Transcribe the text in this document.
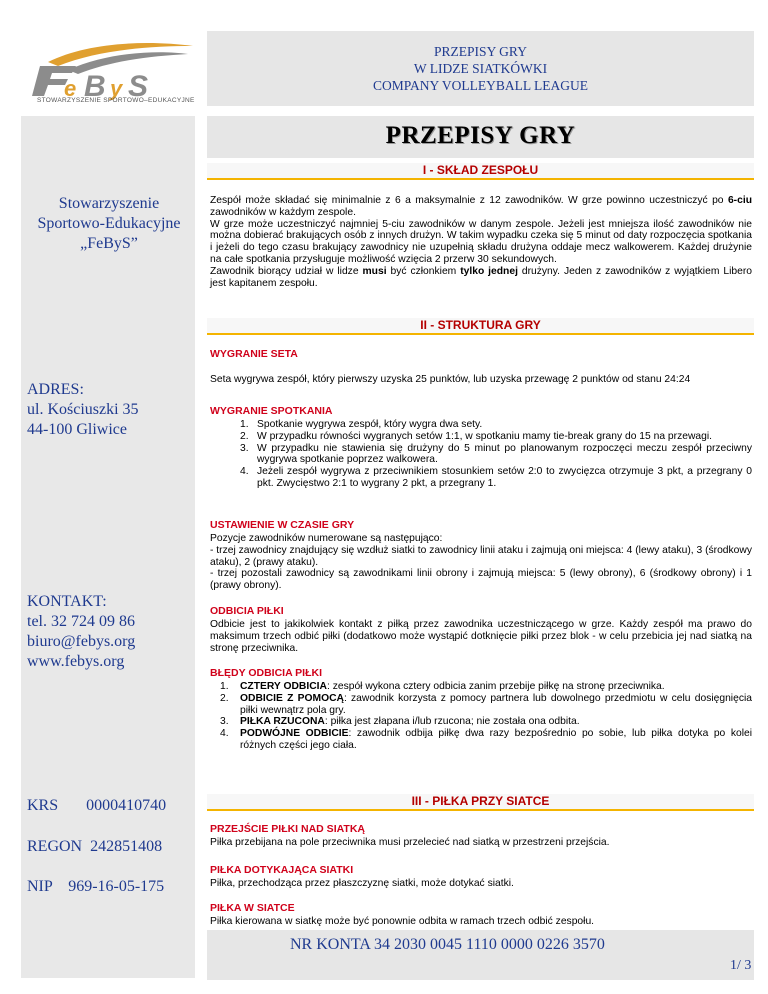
e B y S
STOWARZYSZENIE SPORTOWO–EDUKACYJNE
PRZEPISY GRY
W LIDZE SIATKÓWKI
COMPANY VOLLEYBALL LEAGUE
Stowarzyszenie
Sportowo-Edukacyjne
„FeByS”
ADRES:
ul. Kościuszki 35
44-100 Gliwice
KONTAKT:
tel. 32 724 09 86
biuro@febys.org
www.febys.org
KRS       0000410740
REGON  242851408
NIP    969-16-05-175
PRZEPISY GRY
I - SKŁAD ZESPOŁU
Zespół może składać się minimalnie z 6 a maksymalnie z 12 zawodników. W grze powinno uczestniczyć po 6-ciu zawodników w każdym zespole.
W grze może uczestniczyć najmniej 5-ciu zawodników w danym zespole. Jeżeli jest mniejsza ilość zawodników nie można dobierać brakujących osób z innych drużyn. W takim wypadku czeka się 5 minut od daty rozpoczęcia spotkania i jeżeli do tego czasu brakujący zawodnicy nie uzupełnią składu drużyna oddaje mecz walkowerem. Każdej drużynie na całe spotkania przysługuje możliwość wzięcia 2 przerw 30 sekundowych.
Zawodnik biorący udział w lidze musi być członkiem tylko jednej drużyny. Jeden z zawodników z wyjątkiem Libero jest kapitanem zespołu.
II - STRUKTURA GRY
WYGRANIE SETA
Seta wygrywa zespół, który pierwszy uzyska 25 punktów, lub uzyska przewagę 2 punktów od stanu 24:24
WYGRANIE SPOTKANIA
1. Spotkanie wygrywa zespół, który wygra dwa sety.
2. W przypadku równości wygranych setów 1:1, w spotkaniu mamy tie-break grany do 15 na przewagi.
3. W przypadku nie stawienia się drużyny do 5 minut po planowanym rozpoczęci meczu zespół przeciwny wygrywa spotkanie poprzez walkowera.
4. Jeżeli zespół wygrywa z przeciwnikiem stosunkiem setów 2:0 to zwycięzca otrzymuje 3 pkt, a przegrany 0 pkt. Zwycięstwo 2:1 to wygrany 2 pkt, a przegrany 1.
USTAWIENIE W CZASIE GRY
Pozycje zawodników numerowane są następująco:
- trzej zawodnicy znajdujący się wzdłuż siatki to zawodnicy linii ataku i zajmują oni miejsca: 4 (lewy ataku), 3 (środkowy ataku), 2 (prawy ataku).
- trzej pozostali zawodnicy są zawodnikami linii obrony i zajmują miejsca: 5 (lewy obrony), 6 (środkowy obrony) i 1 (prawy obrony).
ODBICIA PIŁKI
Odbicie jest to jakikolwiek kontakt z piłką przez zawodnika uczestniczącego w grze. Każdy zespół ma prawo do maksimum trzech odbić piłki (dodatkowo może wystąpić dotknięcie piłki przez blok - w celu przebicia jej nad siatką na stronę przeciwnika.
BŁĘDY ODBICIA PIŁKI
1. CZTERY ODBICIA: zespół wykona cztery odbicia zanim przebije piłkę na stronę przeciwnika.
2. ODBICIE Z POMOCĄ: zawodnik korzysta z pomocy partnera lub dowolnego przedmiotu w celu dosięgnięcia piłki wewnątrz pola gry.
3. PIŁKA RZUCONA: piłka jest złapana i/lub rzucona; nie została ona odbita.
4. PODWÓJNE ODBICIE: zawodnik odbija piłkę dwa razy bezpośrednio po sobie, lub piłka dotyka po kolei różnych części jego ciała.
III - PIŁKA PRZY SIATCE
PRZEJŚCIE PIŁKI NAD SIATKĄ
Piłka przebijana na pole przeciwnika musi przelecieć nad siatką w przestrzeni przejścia.
PIŁKA DOTYKAJĄCA SIATKI
Piłka, przechodząca przez płaszczyznę siatki, może dotykać siatki.
PIŁKA W SIATCE
Piłka kierowana w siatkę może być ponownie odbita w ramach trzech odbić zespołu.
NR KONTA 34 2030 0045 1110 0000 0226 3570
1/ 3
